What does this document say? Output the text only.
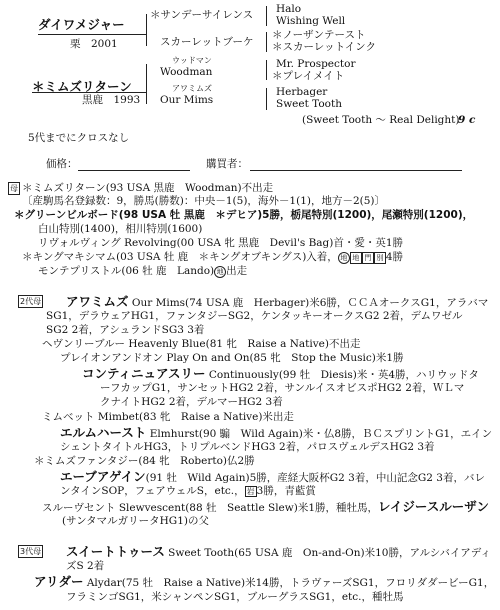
ダイワメジャー
栗　2001
＊サンデーサイレンス
スカーレットブーケ
Halo
Wishing Well
＊ノーザンテースト
＊スカーレットインク
＊ミムズリターン
黒鹿　1993
ウッドマン
Woodman
アワミムズ
Our Mims
Mr. Prospector
＊プレイメイト
Herbager
Sweet Tooth
(Sweet Tooth ～ Real Delight)
9 c
5代までにクロスなし
価格：	購買者：
母 ＊ミムズリターン(93 USA 黒鹿　Woodman)不出走
〔産駒馬名登録数：9，勝馬(勝数)：中央－1(5)，海外－1(1)，地方－2(5)〕
＊グリーンビルボード(98 USA 牡 黒鹿　＊デヒア)5勝，栃尾特別(1200)，尾瀬特別(1200)，
白山特別(1400)，相川特別(1600)
リヴォルヴィング Revolving(00 USA 牝 黒鹿　Devil's Bag)首・愛・英1勝
＊キングマキシマム(03 USA 牡 鹿　＊キングオブキングス)入着， 地 地 門 別 4勝
モンテプリストル(06 牡 鹿　Lando) 地 出走
2代母 アワミムズ Our Mims(74 USA 鹿　Herbager)米6勝，ＣＣＡオークスG1，アラバマ
SG1，デラウェアHG1，ファンタジーSG2，ケンタッキーオークスG2 2着，デムワゼル
SG2 2着，アシュランドSG3 3着
ヘヴンリーブルー Heavenly Blue(81 牝　Raise a Native)不出走
プレイオンアンドオン Play On and On(85 牝　Stop the Music)米1勝
コンティニュアスリー Continuously(99 牡　Diesis)米・英4勝，ハリウッドタ
ーフカップG1，サンセットHG2 2着，サンルイスオビスポHG2 2着，ＷＬマ
クナイトHG2 2着，デルマーHG2 3着
ミムベット Mimbet(83 牝　Raise a Native)米出走
エルムハースト Elmhurst(90 騸　Wild Again)米・仏8勝，ＢＣスプリントG1，エイン
シェントタイトルHG3，トリプルベンドHG3 2着，パロスヴェルデスHG2 3着
＊ミムズファンタジー(84 牝　Roberto)仏2勝
エーブアゲイン(91 牡　Wild Again)5勝，産経大阪杯G2 3着，中山記念G2 3着，バレ
ンタインSOP，フェアウェルS，etc.， 岩 3勝，青藍賞
スルーヴセント Slewvescent(88 牡　Seattle Slew)米1勝，種牡馬，レイジースルーザン
(サンタマルガリータHG1)の父
3代母 スイートトゥース Sweet Tooth(65 USA 鹿　On-and-On)米10勝，アルシバイアディ
ズS 2着
アリダー Alydar(75 牡　Raise a Native)米14勝，トラヴァーズSG1，フロリダダービーG1，
フラミンゴSG1，米シャンペンSG1，ブルーグラスSG1，etc.，種牡馬
